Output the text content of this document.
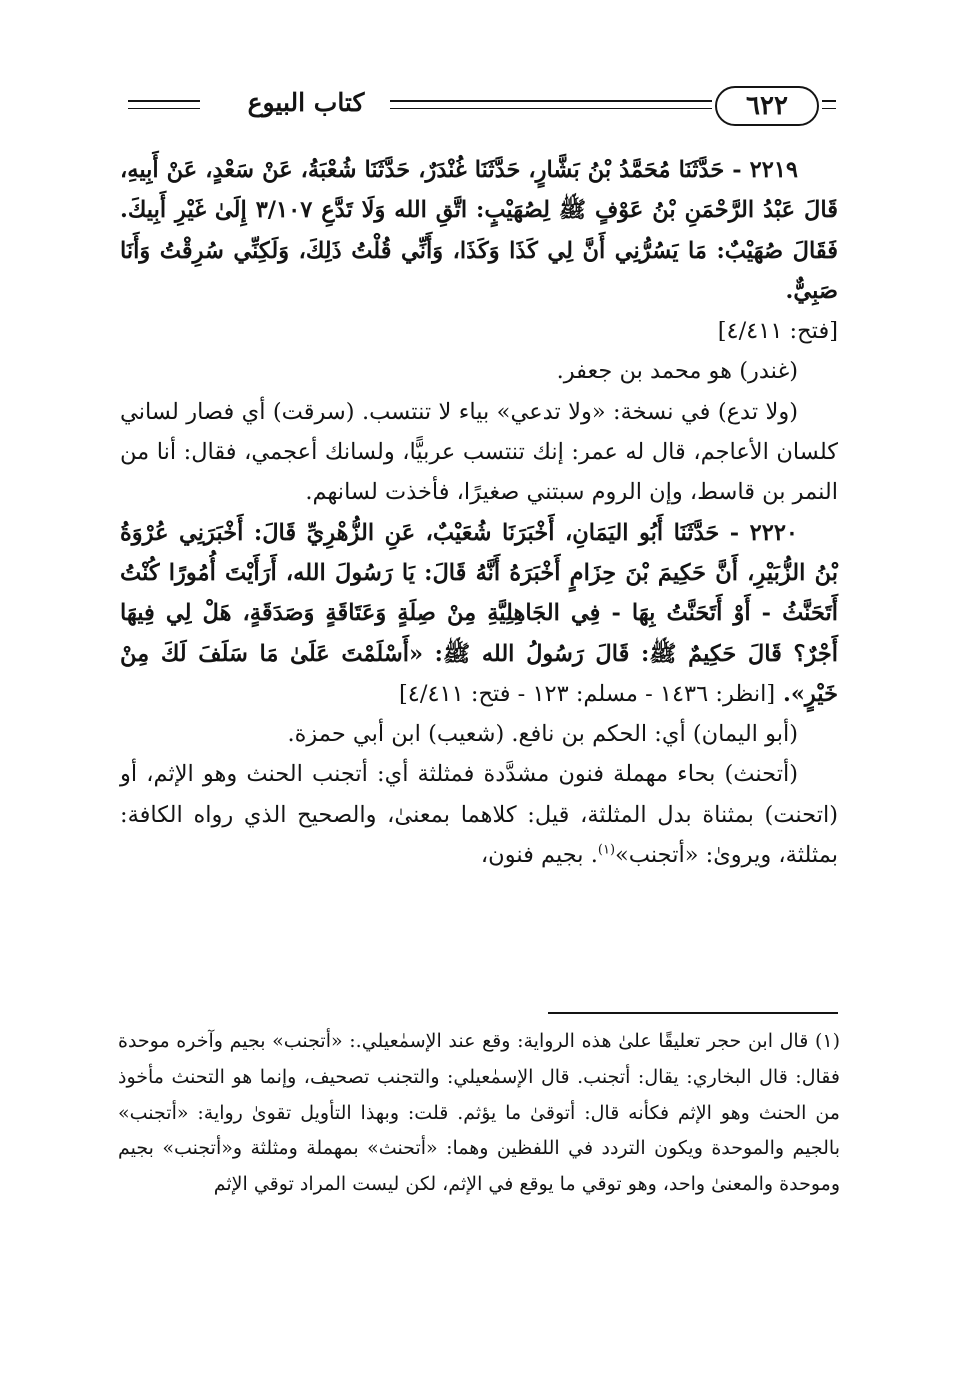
كتاب البيوع	٦٢٢

٢٢١٩ - حَدَّثَنَا مُحَمَّدُ بْنُ بَشَّارٍ، حَدَّثَنَا غُنْدَرٌ، حَدَّثَنَا شُعْبَةُ، عَنْ سَعْدٍ، عَنْ أَبِيهِ، قَالَ عَبْدُ الرَّحْمَنِ بْنُ عَوْفٍ ﷺ لِصُهَيْبٍ: اتَّقِ الله وَلَا تَدَّعِ ٣/١٠٧ إِلَىٰ غَيْرِ أَبِيكَ. فَقَالَ صُهَيْبٌ: مَا يَسُرُّنِي أَنَّ لِي كَذَا وَكَذَا، وَأَنِّي قُلْتُ ذَلِكَ، وَلَكِنِّي سُرِقْتُ وَأَنَا صَبِيٌّ.

[فتح: ٤/٤١١]

(غندر) هو محمد بن جعفر.

(ولا تدع) في نسخة: «ولا تدعي» بياء لا تنتسب. (سرقت) أي فصار لساني كلسان الأعاجم، قال له عمر: إنك تنتسب عربيًّا، ولسانك أعجمي، فقال: أنا من النمر بن قاسط، وإن الروم سبتني صغيرًا، فأخذت لسانهم.

٢٢٢٠ - حَدَّثَنَا أَبُو اليَمَانِ، أَخْبَرَنَا شُعَيْبٌ، عَنِ الزُّهْرِيِّ قَالَ: أَخْبَرَنِي عُرْوَةُ بْنُ الزُّبَيْرِ، أَنَّ حَكِيمَ بْنَ حِزَامٍ أَخْبَرَهُ أَنَّهُ قَالَ: يَا رَسُولَ الله، أَرَأَيْتَ أُمُورًا كُنْتُ أَتَحَنَّثُ - أَوْ أَتَحَنَّتُ بِهَا - فِي الجَاهِلِيَّةِ مِنْ صِلَةٍ وَعَتَاقَةٍ وَصَدَقَةٍ، هَلْ لِي فِيهَا أَجْرٌ؟ قَالَ حَكِيمٌ ﷺ: قَالَ رَسُولُ الله ﷺ: «أَسْلَمْتَ عَلَىٰ مَا سَلَفَ لَكَ مِنْ خَيْرٍ». [انظر: ١٤٣٦ - مسلم: ١٢٣ - فتح: ٤/٤١١]

(أبو اليمان) أي: الحكم بن نافع. (شعيب) ابن أبي حمزة.

(أتحنث) بحاء مهملة فنون مشدَّدة فمثلثة أي: أتجنب الحنث وهو الإثم، أو (اتحنت) بمثناة بدل المثلثة، قيل: كلاهما بمعنىٰ، والصحيح الذي رواه الكافة: بمثلثة، ويروىٰ: «أتجنب»$^{(١)}$. بجيم فنون،

(١) قال ابن حجر تعليقًا علىٰ هذه الرواية: وقع عند الإسمٰعيلي.: «أتجنب» بجيم وآخره موحدة فقال: قال البخاري: يقال: أتجنب. قال الإسمٰعيلي: والتجنب تصحيف، وإنما هو التحنث مأخوذ من الحنث وهو الإثم فكأنه قال: أتوقىٰ ما يؤثم. قلت: وبهذا التأويل تقوىٰ رواية: «أتجنب» بالجيم والموحدة ويكون التردد في اللفظين وهما: «أتحنث» بمهملة ومثلثة و«أتجنب» بجيم وموحدة والمعنىٰ واحد، وهو توقي ما يوقع في الإثم، لكن ليست المراد توقي الإثم
